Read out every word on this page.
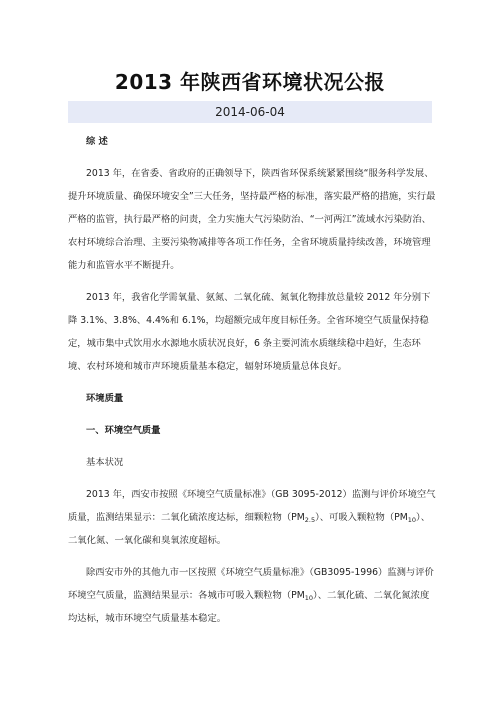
2013 年陕西省环境状况公报
2014-06-04

综 述

2013 年，在省委、省政府的正确领导下，陕西省环保系统紧紧围绕“服务科学发展、提升环境质量、确保环境安全”三大任务，坚持最严格的标准，落实最严格的措施，实行最严格的监管，执行最严格的问责，全力实施大气污染防治、“一河两江”流域水污染防治、农村环境综合治理、主要污染物减排等各项工作任务，全省环境质量持续改善，环境管理能力和监管水平不断提升。

2013 年，我省化学需氧量、氨氮、二氧化硫、氮氧化物排放总量较 2012 年分别下降 3.1%、3.8%、4.4%和 6.1%，均超额完成年度目标任务。全省环境空气质量保持稳定，城市集中式饮用水水源地水质状况良好，6 条主要河流水质继续稳中趋好，生态环境、农村环境和城市声环境质量基本稳定，辐射环境质量总体良好。

环境质量

一、环境空气质量

基本状况

2013 年，西安市按照《环境空气质量标准》（GB 3095-2012）监测与评价环境空气质量，监测结果显示：二氧化硫浓度达标，细颗粒物$(PM_{2.5})$、可吸入颗粒物$(PM_{10})$、二氧化氮、一氧化碳和臭氧浓度超标。

除西安市外的其他九市一区按照《环境空气质量标准》（GB3095-1996）监测与评价环境空气质量，监测结果显示：各城市可吸入颗粒物$(PM_{10})$、二氧化硫、二氧化氮浓度均达标，城市环境空气质量基本稳定。
